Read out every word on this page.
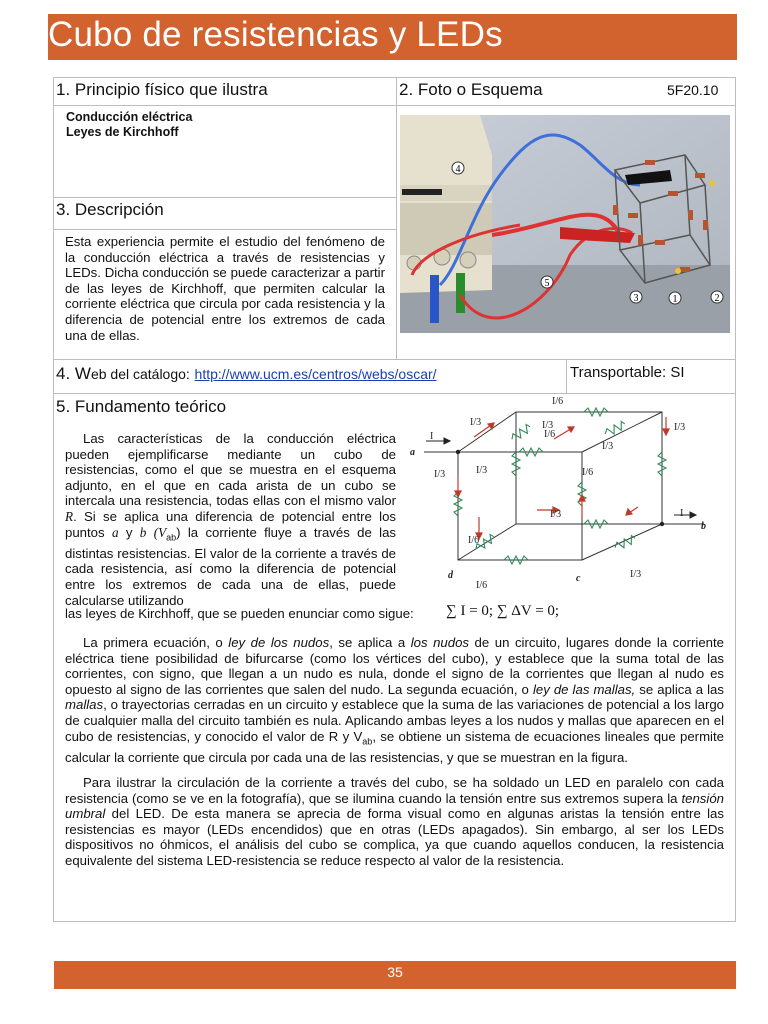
Cubo de resistencias y LEDs
1. Principio físico que ilustra	2. Foto o Esquema	5F20.10
Conducción eléctrica
Leyes de Kirchhoff
3. Descripción
Esta experiencia permite el estudio del fenómeno de la conducción eléctrica a través de resistencias y LEDs. Dicha conducción se puede caracterizar a partir de las leyes de Kirchhoff, que permiten calcular la corriente eléctrica que circula por cada resistencia y la diferencia de potencial entre los extremos de cada una de ellas.
4
5
3	1	2
4. Web del catálogo: http://www.ucm.es/centros/webs/oscar/	Transportable: SI
5. Fundamento teórico
Las características de la conducción eléctrica pueden ejemplificarse mediante un cubo de resistencias, como el que se muestra en el esquema adjunto, en el que en cada arista de un cubo se intercala una resistencia, todas ellas con el mismo valor R. Si se aplica una diferencia de potencial entre los puntos a y b $(V_{ab})$ la corriente fluye a través de las distintas resistencias. El valor de la corriente a través de cada resistencia, así como la diferencia de potencial entre los extremos de cada una de ellas, puede calcularse utilizando
las leyes de Kirchhoff, que se pueden enunciar como sigue:	∑ I = 0; ∑ ΔV = 0;
La primera ecuación, o ley de los nudos, se aplica a los nudos de un circuito, lugares donde la corriente eléctrica tiene posibilidad de bifurcarse (como los vértices del cubo), y establece que la suma total de las corrientes, con signo, que llegan a un nudo es nula, donde el signo de la corrientes que llegan al nudo es opuesto al signo de las corrientes que salen del nudo. La segunda ecuación, o ley de las mallas, se aplica a las mallas, o trayectorias cerradas en un circuito y establece que la suma de las variaciones de potencial a los largo de cualquier malla del circuito también es nula. Aplicando ambas leyes a los nudos y mallas que aparecen en el cubo de resistencias, y conocido el valor de R y $V_{ab}$, se obtiene un sistema de ecuaciones lineales que permite calcular la corriente que circula por cada una de las resistencias, y que se muestran en la figura.
Para ilustrar la circulación de la corriente a través del cubo, se ha soldado un LED en paralelo con cada resistencia (como se ve en la fotografía), que se ilumina cuando la tensión entre sus extremos supera la tensión umbral del LED. De esta manera se aprecia de forma visual como en algunas aristas la tensión entre las resistencias es mayor (LEDs encendidos) que en otras (LEDs apagados). Sin embargo, al ser los LEDs dispositivos no óhmicos, el análisis del cubo se complica, ya que cuando aquellos conducen, la resistencia equivalente del sistema LED-resistencia se reduce respecto al valor de la resistencia.
I/6
I/3	I/3
I/6
I/3
I/3
I
a
I/3
I/3	I/6
I/3	I
b
I/6
I/3
d	c
I/6
35
